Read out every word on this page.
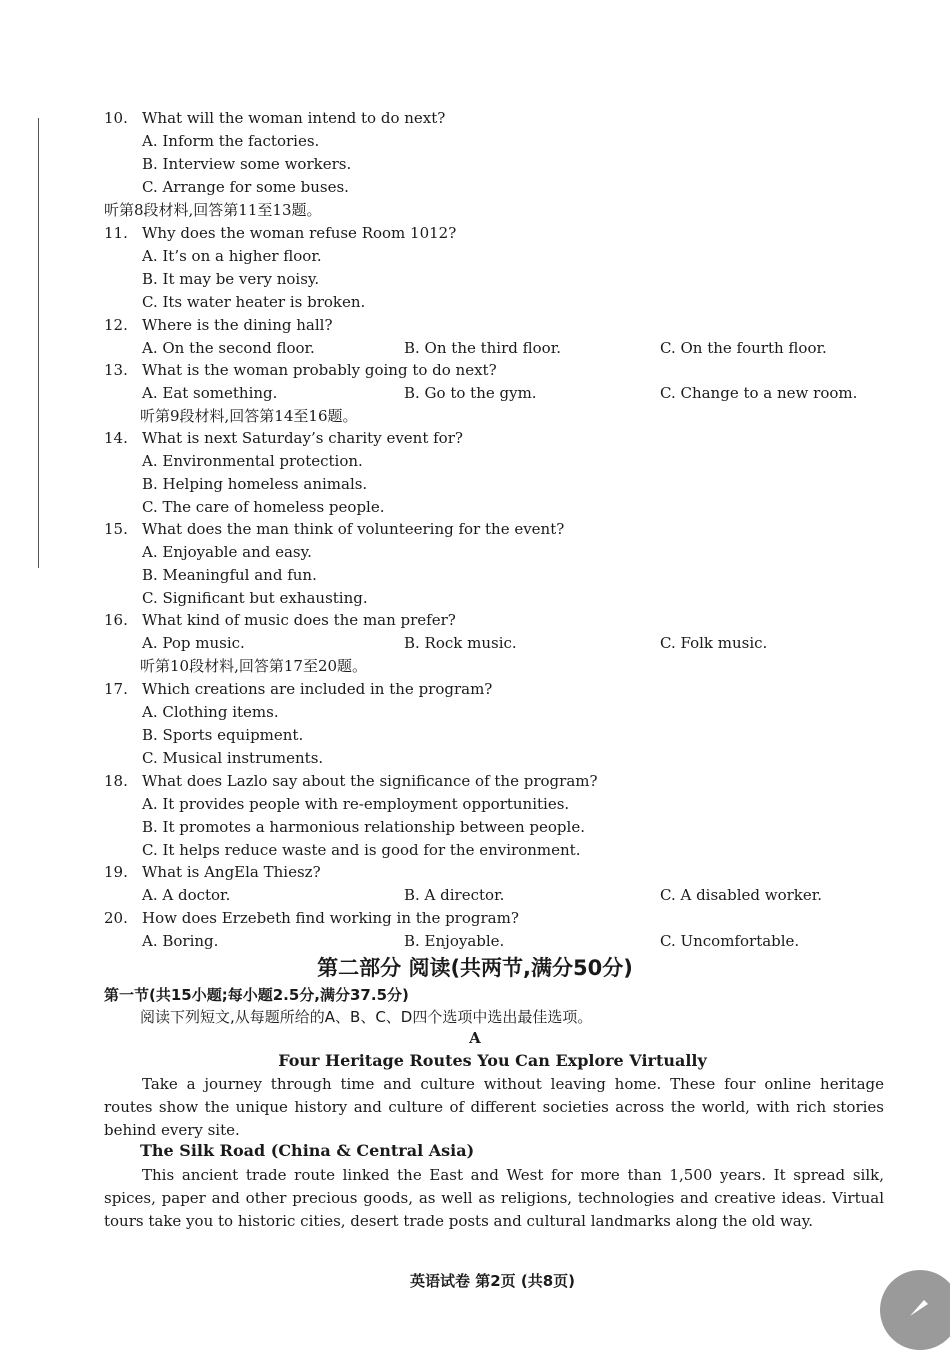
10. What will the woman intend to do next?
A. Inform the factories.
B. Interview some workers.
C. Arrange for some buses.
听第8段材料,回答第11至13题。
11. Why does the woman refuse Room 1012?
A. It’s on a higher floor.
B. It may be very noisy.
C. Its water heater is broken.
12. Where is the dining hall?
A. On the second floor.	B. On the third floor.	C. On the fourth floor.
13. What is the woman probably going to do next?
A. Eat something.	B. Go to the gym.	C. Change to a new room.
听第9段材料,回答第14至16题。
14. What is next Saturday’s charity event for?
A. Environmental protection.
B. Helping homeless animals.
C. The care of homeless people.
15. What does the man think of volunteering for the event?
A. Enjoyable and easy.
B. Meaningful and fun.
C. Significant but exhausting.
16. What kind of music does the man prefer?
A. Pop music.	B. Rock music.	C. Folk music.
听第10段材料,回答第17至20题。
17. Which creations are included in the program?
A. Clothing items.
B. Sports equipment.
C. Musical instruments.
18. What does Lazlo say about the significance of the program?
A. It provides people with re-employment opportunities.
B. It promotes a harmonious relationship between people.
C. It helps reduce waste and is good for the environment.
19. What is AngEla Thiesz?
A. A doctor.	B. A director.	C. A disabled worker.
20. How does Erzebeth find working in the program?
A. Boring.	B. Enjoyable.	C. Uncomfortable.
第二部分 阅读(共两节,满分50分)
第一节(共15小题;每小题2.5分,满分37.5分)
阅读下列短文,从每题所给的A、B、C、D四个选项中选出最佳选项。
A
Four Heritage Routes You Can Explore Virtually
Take a journey through time and culture without leaving home. These four online heritage routes show the unique history and culture of different societies across the world, with rich stories behind every site.
The Silk Road (China & Central Asia)
This ancient trade route linked the East and West for more than 1,500 years. It spread silk, spices, paper and other precious goods, as well as religions, technologies and creative ideas. Virtual tours take you to historic cities, desert trade posts and cultural landmarks along the old way.
英语试卷 第2页 (共8页)
